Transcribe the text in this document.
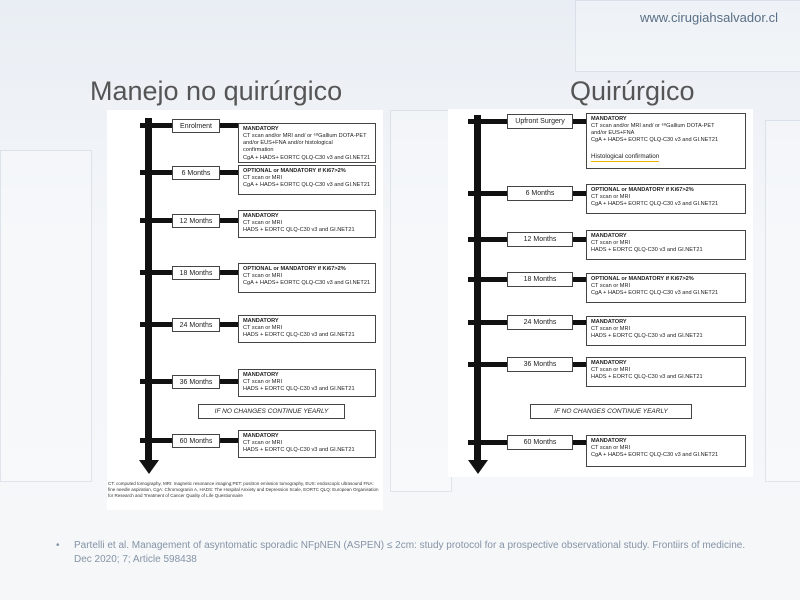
www.cirugiahsalvador.cl
Manejo no quirúrgico	Quirúrgico
Enrolment	MANDATORY
CT scan and/or MRI and/ or ⁶⁸Gallium DOTA-PET
and/or EUS+FNA and/or histological
confirmation
CgA + HADS+ EORTC QLQ-C30 v3 and GI.NET21
6 Months	OPTIONAL or MANDATORY if Ki67>2%
CT scan or MRI
CgA + HADS+ EORTC QLQ-C30 v3 and GI.NET21
12 Months
MANDATORY
CT scan or MRI
HADS + EORTC QLQ-C30 v3 and GI.NET21
18 Months
OPTIONAL or MANDATORY if Ki67>2%
CT scan or MRI
CgA + HADS+ EORTC QLQ-C30 v3 and GI.NET21
24 Months
MANDATORY
CT scan or MRI
HADS + EORTC QLQ-C30 v3 and GI.NET21
36 Months
MANDATORY
CT scan or MRI
HADS + EORTC QLQ-C30 v3 and GI.NET21
60 Months
MANDATORY
CT scan or MRI
HADS + EORTC QLQ-C30 v3 and GI.NET21
IF NO CHANGES CONTINUE YEARLY
Upfront Surgery	MANDATORY
CT scan and/or MRI and/ or ⁶⁸Gallium DOTA-PET
and/or EUS+FNA
CgA + HADS+ EORTC QLQ-C30 v3 and GI.NET21

Histological confirmation
6 Months	OPTIONAL or MANDATORY if Ki67>2%
CT scan or MRI
CgA + HADS+ EORTC QLQ-C30 v3 and GI.NET21
12 Months	MANDATORY
CT scan or MRI
HADS + EORTC QLQ-C30 v3 and GI.NET21
18 Months	OPTIONAL or MANDATORY if Ki67>2%
CT scan or MRI
CgA + HADS+ EORTC QLQ-C30 v3 and GI.NET21
24 Months	MANDATORY
CT scan or MRI
HADS + EORTC QLQ-C30 v3 and GI.NET21
36 Months	MANDATORY
CT scan or MRI
HADS + EORTC QLQ-C30 v3 and GI.NET21
60 Months	MANDATORY
CT scan or MRI
CgA + HADS+ EORTC QLQ-C30 v3 and GI.NET21
IF NO CHANGES CONTINUE YEARLY
CT: computed tomography, MRI: magnetic resonance imaging;PET: positron emission tomography, EUS: endoscopic ultrasound FNA: fine needle aspiration, CgA: Chromogranin A, HADS: The Hospital Anxiety and Depression Scale, EORTC QLQ: European Organisation for Research and Treatment of Cancer Quality of Life Questionnaire
• Partelli et al. Management of asyntomatic sporadic NFpNEN (ASPEN) ≤ 2cm: study protocol for a prospective observational study. Frontiirs of medicine. Dec 2020; 7; Article 598438
